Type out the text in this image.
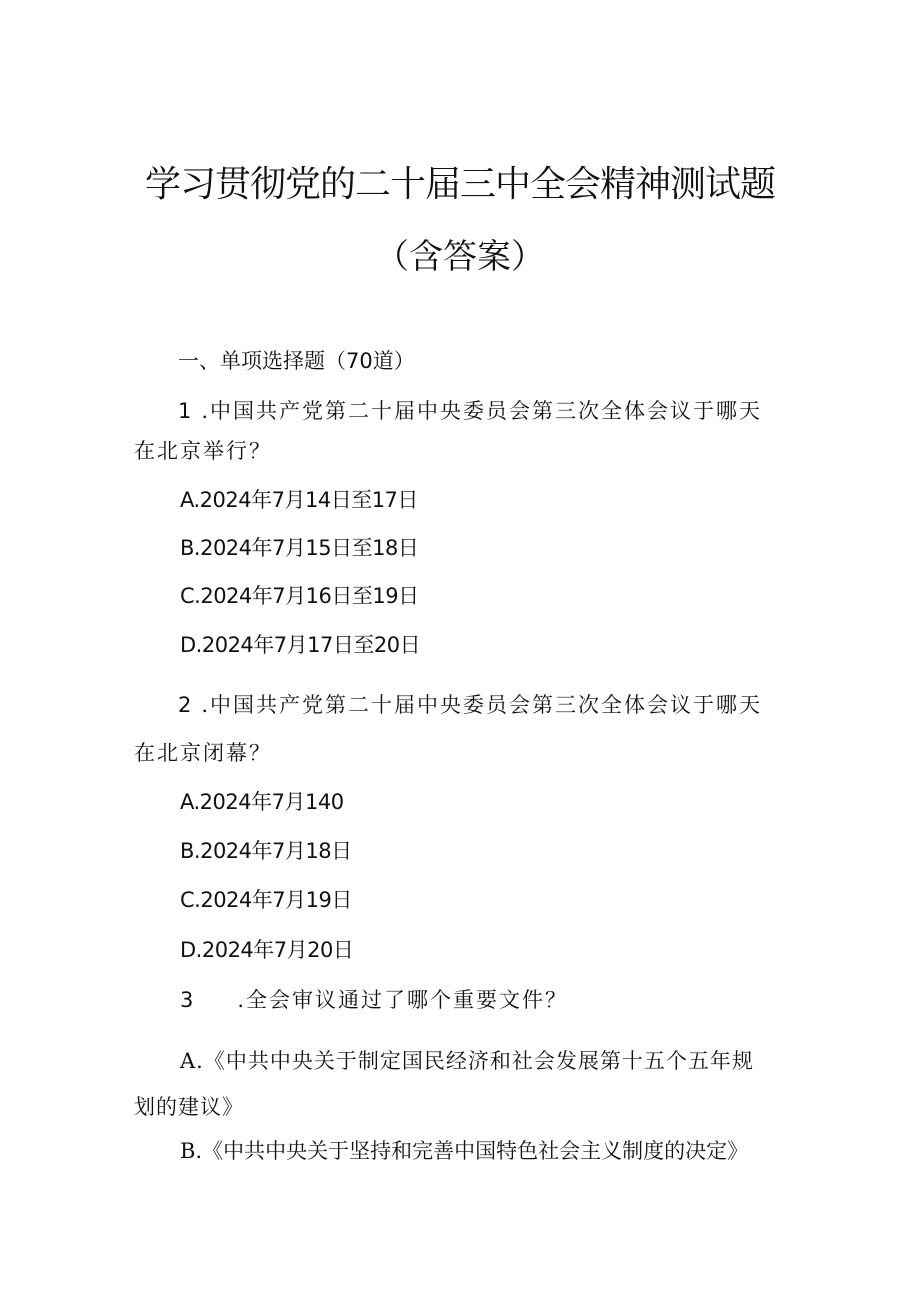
学习贯彻党的二十届三中全会精神测试题
（含答案）

一、单项选择题（70道）

1 .中国共产党第二十届中央委员会第三次全体会议于哪天

在北京举行？

A.2024年7月14日至17日

B.2024年7月15日至18日

C.2024年7月16日至19日

D.2024年7月17日至20日

2 .中国共产党第二十届中央委员会第三次全体会议于哪天

在北京闭幕？

A.2024年7月140

B.2024年7月18日

C.2024年7月19日

D.2024年7月20日

3 .全会审议通过了哪个重要文件？

A.《中共中央关于制定国民经济和社会发展第十五个五年规

划的建议》

B.《中共中央关于坚持和完善中国特色社会主义制度的决定》
